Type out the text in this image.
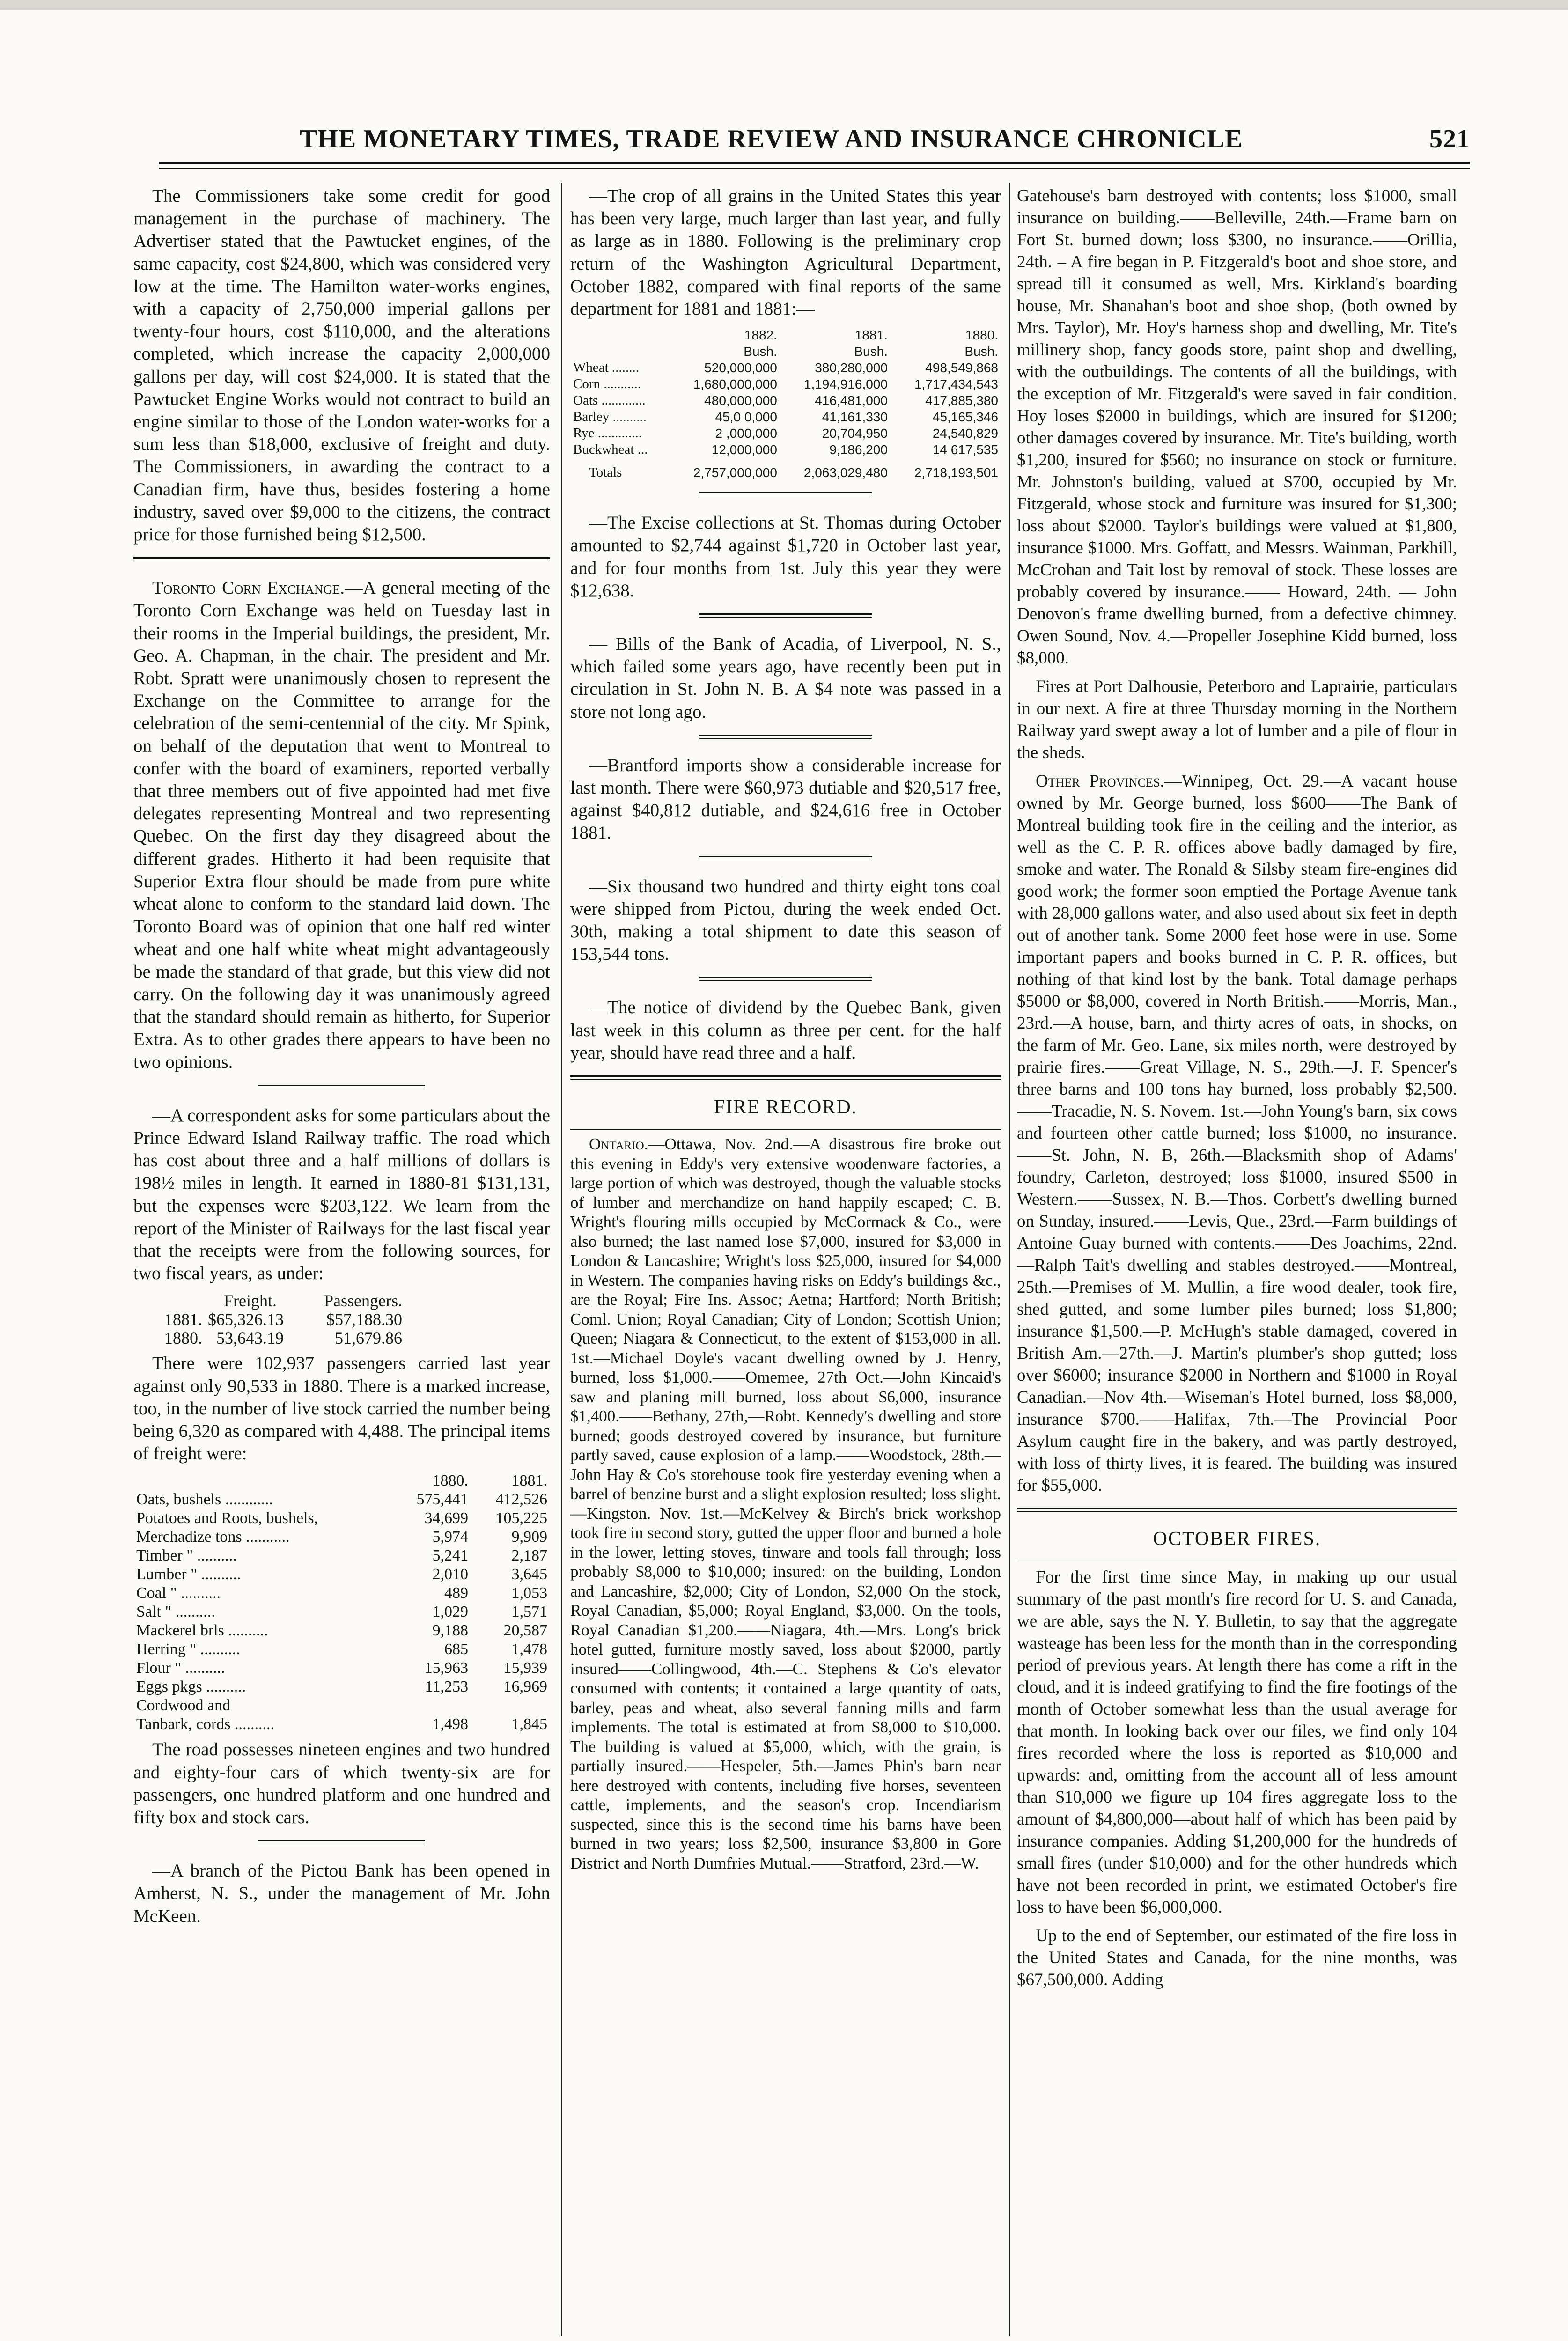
THE MONETARY TIMES, TRADE REVIEW AND INSURANCE CHRONICLE	521

The Commissioners take some credit for good management in the purchase of machinery. The Advertiser stated that the Pawtucket engines, of the same capacity, cost $24,800, which was considered very low at the time. The Hamilton water-works engines, with a capacity of 2,750,000 imperial gallons per twenty-four hours, cost $110,000, and the alterations completed, which increase the capacity 2,000,000 gallons per day, will cost $24,000. It is stated that the Pawtucket Engine Works would not contract to build an engine similar to those of the London water-works for a sum less than $18,000, exclusive of freight and duty. The Commissioners, in awarding the contract to a Canadian firm, have thus, besides fostering a home industry, saved over $9,000 to the citizens, the contract price for those furnished being $12,500.

Toronto Corn Exchange.—A general meeting of the Toronto Corn Exchange was held on Tuesday last in their rooms in the Imperial buildings, the president, Mr. Geo. A. Chapman, in the chair. The president and Mr. Robt. Spratt were unanimously chosen to represent the Exchange on the Committee to arrange for the celebration of the semi-centennial of the city. Mr Spink, on behalf of the deputation that went to Montreal to confer with the board of examiners, reported verbally that three members out of five appointed had met five delegates representing Montreal and two representing Quebec. On the first day they disagreed about the different grades. Hitherto it had been requisite that Superior Extra flour should be made from pure white wheat alone to conform to the standard laid down. The Toronto Board was of opinion that one half red winter wheat and one half white wheat might advantageously be made the standard of that grade, but this view did not carry. On the following day it was unanimously agreed that the standard should remain as hitherto, for Superior Extra. As to other grades there appears to have been no two opinions.

—A correspondent asks for some particulars about the Prince Edward Island Railway traffic. The road which has cost about three and a half millions of dollars is 198½ miles in length. It earned in 1880-81 $131,131, but the expenses were $203,122. We learn from the report of the Minister of Railways for the last fiscal year that the receipts were from the following sources, for two fiscal years, as under:

	Freight.	Passengers.
1881.	$65,326.13	$57,188.30
1880.	53,643.19	51,679.86

There were 102,937 passengers carried last year against only 90,533 in 1880. There is a marked increase, too, in the number of live stock carried the number being being 6,320 as compared with 4,488. The principal items of freight were:

	1880.	1881.
Oats, bushels ............	575,441	412,526
Potatoes and Roots, bushels,	34,699	105,225
Merchadize tons ...........	5,974	9,909
Timber " ..........	5,241	2,187
Lumber " ..........	2,010	3,645
Coal " ..........	489	1,053
Salt " ..........	1,029	1,571
Mackerel brls ..........	9,188	20,587
Herring " ..........	685	1,478
Flour " ..........	15,963	15,939
Eggs pkgs ..........	11,253	16,969
Cordwood and		
Tanbark, cords ..........	1,498	1,845

The road possesses nineteen engines and two hundred and eighty-four cars of which twenty-six are for passengers, one hundred platform and one hundred and fifty box and stock cars.

—A branch of the Pictou Bank has been opened in Amherst, N. S., under the management of Mr. John McKeen.

—The crop of all grains in the United States this year has been very large, much larger than last year, and fully as large as in 1880. Following is the preliminary crop return of the Washington Agricultural Department, October 1882, compared with final reports of the same department for 1881 and 1881:—

	1882.	1881.	1880.
	Bush.	Bush.	Bush.
Wheat ........	520,000,000	380,280,000	498,549,868
Corn ...........	1,680,000,000	1,194,916,000	1,717,434,543
Oats .............	480,000,000	416,481,000	417,885,380
Barley ..........	45,0 0,000	41,161,330	45,165,346
Rye .............	2 ,000,000	20,704,950	24,540,829
Buckwheat ...	12,000,000	9,186,200	14 617,535
Totals	2,757,000,000	2,063,029,480	2,718,193,501

—The Excise collections at St. Thomas during October amounted to $2,744 against $1,720 in October last year, and for four months from 1st. July this year they were $12,638.

— Bills of the Bank of Acadia, of Liverpool, N. S., which failed some years ago, have recently been put in circulation in St. John N. B. A $4 note was passed in a store not long ago.

—Brantford imports show a considerable increase for last month. There were $60,973 dutiable and $20,517 free, against $40,812 dutiable, and $24,616 free in October 1881.

—Six thousand two hundred and thirty eight tons coal were shipped from Pictou, during the week ended Oct. 30th, making a total shipment to date this season of 153,544 tons.

—The notice of dividend by the Quebec Bank, given last week in this column as three per cent. for the half year, should have read three and a half.

FIRE RECORD.

Ontario.—Ottawa, Nov. 2nd.—A disastrous fire broke out this evening in Eddy's very extensive woodenware factories, a large portion of which was destroyed, though the valuable stocks of lumber and merchandize on hand happily escaped; C. B. Wright's flouring mills occupied by McCormack & Co., were also burned; the last named lose $7,000, insured for $3,000 in London & Lancashire; Wright's loss $25,000, insured for $4,000 in Western. The companies having risks on Eddy's buildings &c., are the Royal; Fire Ins. Assoc; Aetna; Hartford; North British; Coml. Union; Royal Canadian; City of London; Scottish Union; Queen; Niagara & Connecticut, to the extent of $153,000 in all. 1st.—Michael Doyle's vacant dwelling owned by J. Henry, burned, loss $1,000.——Omemee, 27th Oct.—John Kincaid's saw and planing mill burned, loss about $6,000, insurance $1,400.——Bethany, 27th,—Robt. Kennedy's dwelling and store burned; goods destroyed covered by insurance, but furniture partly saved, cause explosion of a lamp.——Woodstock, 28th.—John Hay & Co's storehouse took fire yesterday evening when a barrel of benzine burst and a slight explosion resulted; loss slight.—Kingston. Nov. 1st.—McKelvey & Birch's brick workshop took fire in second story, gutted the upper floor and burned a hole in the lower, letting stoves, tinware and tools fall through; loss probably $8,000 to $10,000; insured: on the building, London and Lancashire, $2,000; City of London, $2,000 On the stock, Royal Canadian, $5,000; Royal England, $3,000. On the tools, Royal Canadian $1,200.——Niagara, 4th.—Mrs. Long's brick hotel gutted, furniture mostly saved, loss about $2000, partly insured——Collingwood, 4th.—C. Stephens & Co's elevator consumed with contents; it contained a large quantity of oats, barley, peas and wheat, also several fanning mills and farm implements. The total is estimated at from $8,000 to $10,000. The building is valued at $5,000, which, with the grain, is partially insured.——Hespeler, 5th.—James Phin's barn near here destroyed with contents, including five horses, seventeen cattle, implements, and the season's crop. Incendiarism suspected, since this is the second time his barns have been burned in two years; loss $2,500, insurance $3,800 in Gore District and North Dumfries Mutual.——Stratford, 23rd.—W.

Gatehouse's barn destroyed with contents; loss $1000, small insurance on building.——Belleville, 24th.—Frame barn on Fort St. burned down; loss $300, no insurance.——Orillia, 24th. – A fire began in P. Fitzgerald's boot and shoe store, and spread till it consumed as well, Mrs. Kirkland's boarding house, Mr. Shanahan's boot and shoe shop, (both owned by Mrs. Taylor), Mr. Hoy's harness shop and dwelling, Mr. Tite's millinery shop, fancy goods store, paint shop and dwelling, with the outbuildings. The contents of all the buildings, with the exception of Mr. Fitzgerald's were saved in fair condition. Hoy loses $2000 in buildings, which are insured for $1200; other damages covered by insurance. Mr. Tite's building, worth $1,200, insured for $560; no insurance on stock or furniture. Mr. Johnston's building, valued at $700, occupied by Mr. Fitzgerald, whose stock and furniture was insured for $1,300; loss about $2000. Taylor's buildings were valued at $1,800, insurance $1000. Mrs. Goffatt, and Messrs. Wainman, Parkhill, McCrohan and Tait lost by removal of stock. These losses are probably covered by insurance.—— Howard, 24th. — John Denovon's frame dwelling burned, from a defective chimney. Owen Sound, Nov. 4.—Propeller Josephine Kidd burned, loss $8,000.

Fires at Port Dalhousie, Peterboro and Laprairie, particulars in our next. A fire at three Thursday morning in the Northern Railway yard swept away a lot of lumber and a pile of flour in the sheds.

Other Provinces.—Winnipeg, Oct. 29.—A vacant house owned by Mr. George burned, loss $600——The Bank of Montreal building took fire in the ceiling and the interior, as well as the C. P. R. offices above badly damaged by fire, smoke and water. The Ronald & Silsby steam fire-engines did good work; the former soon emptied the Portage Avenue tank with 28,000 gallons water, and also used about six feet in depth out of another tank. Some 2000 feet hose were in use. Some important papers and books burned in C. P. R. offices, but nothing of that kind lost by the bank. Total damage perhaps $5000 or $8,000, covered in North British.——Morris, Man., 23rd.—A house, barn, and thirty acres of oats, in shocks, on the farm of Mr. Geo. Lane, six miles north, were destroyed by prairie fires.——Great Village, N. S., 29th.—J. F. Spencer's three barns and 100 tons hay burned, loss probably $2,500.——Tracadie, N. S. Novem. 1st.—John Young's barn, six cows and fourteen other cattle burned; loss $1000, no insurance.——St. John, N. B, 26th.—Blacksmith shop of Adams' foundry, Carleton, destroyed; loss $1000, insured $500 in Western.——Sussex, N. B.—Thos. Corbett's dwelling burned on Sunday, insured.——Levis, Que., 23rd.—Farm buildings of Antoine Guay burned with contents.——Des Joachims, 22nd.—Ralph Tait's dwelling and stables destroyed.——Montreal, 25th.—Premises of M. Mullin, a fire wood dealer, took fire, shed gutted, and some lumber piles burned; loss $1,800; insurance $1,500.—P. McHugh's stable damaged, covered in British Am.—27th.—J. Martin's plumber's shop gutted; loss over $6000; insurance $2000 in Northern and $1000 in Royal Canadian.—Nov 4th.—Wiseman's Hotel burned, loss $8,000, insurance $700.——Halifax, 7th.—The Provincial Poor Asylum caught fire in the bakery, and was partly destroyed, with loss of thirty lives, it is feared. The building was insured for $55,000.

OCTOBER FIRES.

For the first time since May, in making up our usual summary of the past month's fire record for U. S. and Canada, we are able, says the N. Y. Bulletin, to say that the aggregate wasteage has been less for the month than in the corresponding period of previous years. At length there has come a rift in the cloud, and it is indeed gratifying to find the fire footings of the month of October somewhat less than the usual average for that month. In looking back over our files, we find only 104 fires recorded where the loss is reported as $10,000 and upwards: and, omitting from the account all of less amount than $10,000 we figure up 104 fires aggregate loss to the amount of $4,800,000—about half of which has been paid by insurance companies. Adding $1,200,000 for the hundreds of small fires (under $10,000) and for the other hundreds which have not been recorded in print, we estimated October's fire loss to have been $6,000,000.

Up to the end of September, our estimated of the fire loss in the United States and Canada, for the nine months, was $67,500,000. Adding
